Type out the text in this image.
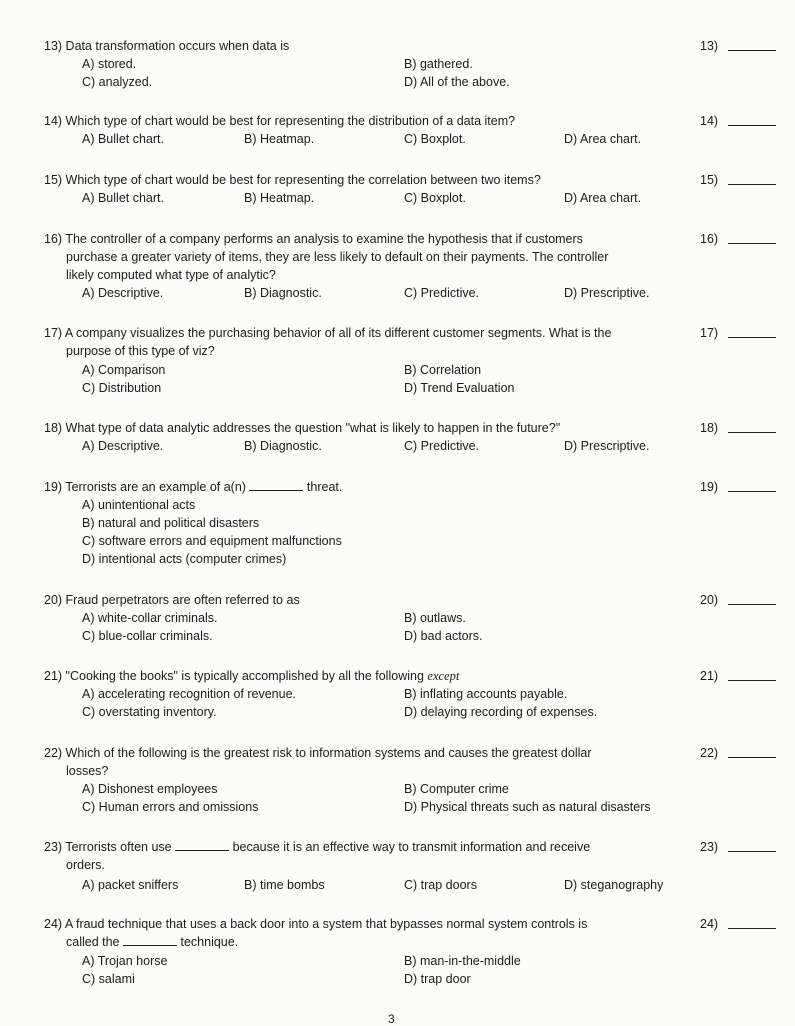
13) Data transformation occurs when data is	13)
A) stored.	B) gathered.
C) analyzed.	D) All of the above.
14) Which type of chart would be best for representing the distribution of a data item?	14)
A) Bullet chart.	B) Heatmap.	C) Boxplot.	D) Area chart.
15) Which type of chart would be best for representing the correlation between two items?	15)
A) Bullet chart.	B) Heatmap.	C) Boxplot.	D) Area chart.
16) The controller of a company performs an analysis to examine the hypothesis that if customers
purchase a greater variety of items, they are less likely to default on their payments. The controller
likely computed what type of analytic?
16)
A) Descriptive.	B) Diagnostic.	C) Predictive.	D) Prescriptive.
17) A company visualizes the purchasing behavior of all of its different customer segments. What is the
purpose of this type of viz?
17)
A) Comparison	B) Correlation
C) Distribution	D) Trend Evaluation
18) What type of data analytic addresses the question "what is likely to happen in the future?"	18)
A) Descriptive.	B) Diagnostic.	C) Predictive.	D) Prescriptive.
19) Terrorists are an example of a(n)	threat.	19)
A) unintentional acts
B) natural and political disasters
C) software errors and equipment malfunctions
D) intentional acts (computer crimes)
20) Fraud perpetrators are often referred to as	20)
A) white-collar criminals.	B) outlaws.
C) blue-collar criminals.	D) bad actors.
21) "Cooking the books" is typically accomplished by all the following except	21)
A) accelerating recognition of revenue.	B) inflating accounts payable.
C) overstating inventory.	D) delaying recording of expenses.
22) Which of the following is the greatest risk to information systems and causes the greatest dollar
losses?
22)
A) Dishonest employees	B) Computer crime
C) Human errors and omissions	D) Physical threats such as natural disasters
23) Terrorists often use	because it is an effective way to transmit information and receive
orders.
23)
A) packet sniffers	B) time bombs	C) trap doors	D) steganography
24) A fraud technique that uses a back door into a system that bypasses normal system controls is
called the	technique.
24)
A) Trojan horse	B) man-in-the-middle
C) salami	D) trap door
3
